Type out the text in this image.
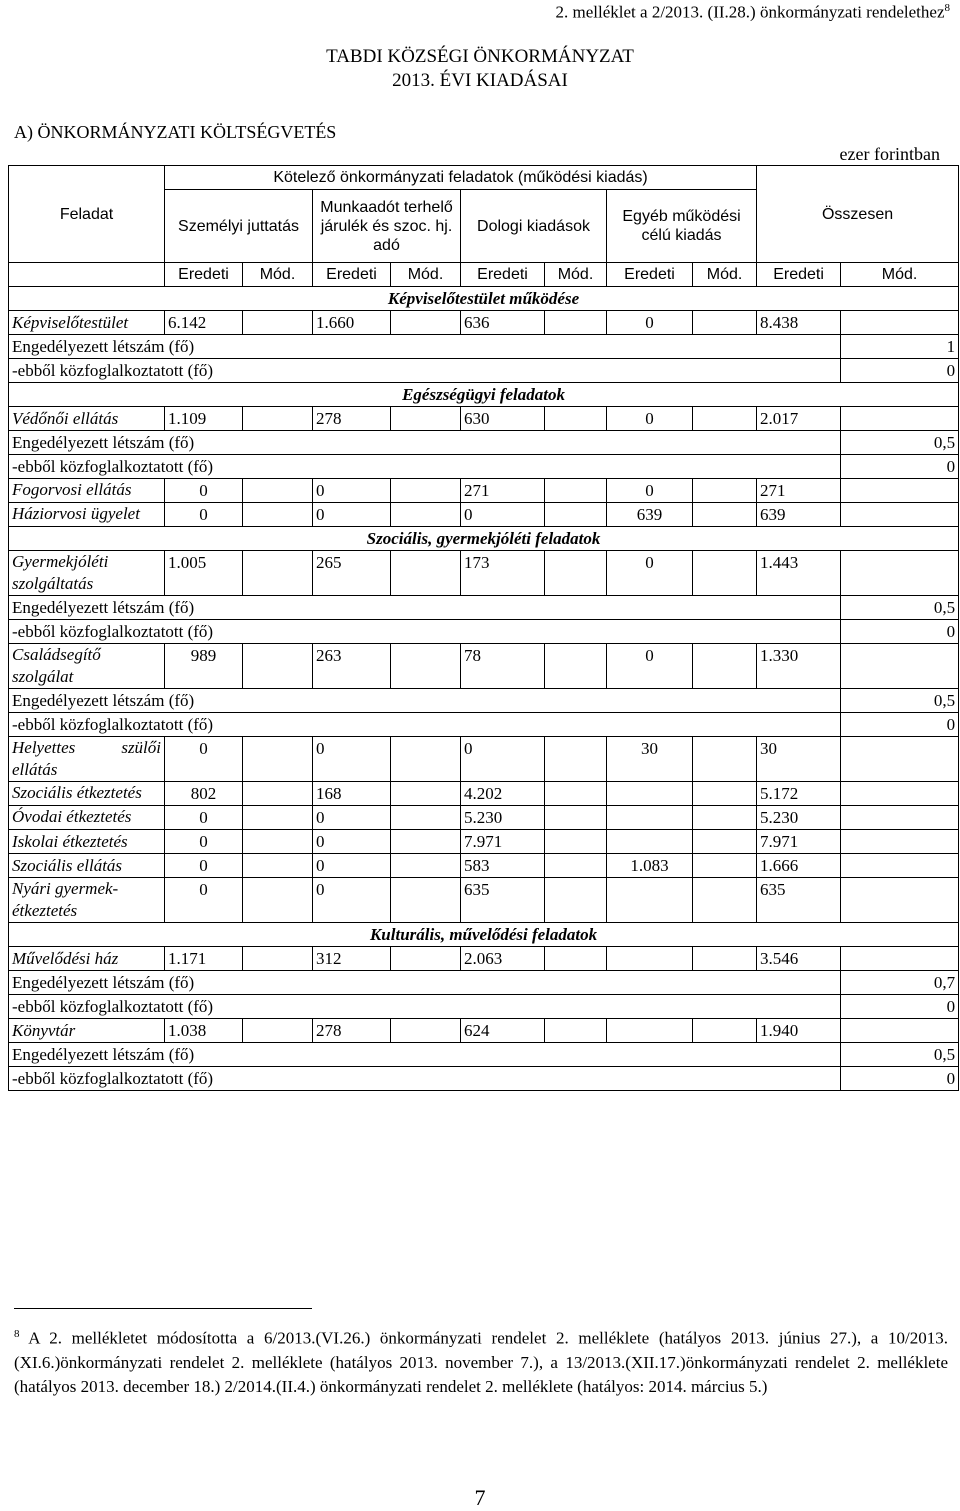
2. melléklet a 2/2013. (II.28.) önkormányzati rendelethez$^8$
TABDI KÖZSÉGI ÖNKORMÁNYZAT
2013. ÉVI KIADÁSAI
A) ÖNKORMÁNYZATI KÖLTSÉGVETÉS
ezer forintban
Feladat		Kötelező önkormányzati feladatok (működési kiadás)								Összesen	
	Személyi juttatás		Munkaadót terhelő járulék és szoc. hj. adó		Dologi kiadások		Egyéb működési célú kiadás			
		Eredeti	Mód.	Eredeti	Mód.	Eredeti	Mód.	Eredeti	Mód.	Eredeti	Mód.
Képviselőtestület működése										
Képviselőtestület		6.142		1.660		636		0		8.438	
Engedélyezett létszám (fő)										1
-ebből közfoglalkoztatott (fő)										0
Egészségügyi feladatok										
Védőnői ellátás		1.109		278		630		0		2.017	
Engedélyezett létszám (fő)										0,5
-ebből közfoglalkoztatott (fő)										0
Fogorvosi ellátás		0		0		271		0		271	
Háziorvosi ügyelet		0		0		0		639		639	
Szociális, gyermekjóléti feladatok										
Gyermekjóléti szolgáltatás		1.005		265		173		0		1.443	
Engedélyezett létszám (fő)										0,5
-ebből közfoglalkoztatott (fő)										0
Családsegítő szolgálat		989		263		78		0		1.330	
Engedélyezett létszám (fő)										0,5
-ebből közfoglalkoztatott (fő)										0
Helyettes szülői ellátás		0		0		0		30		30	
Szociális étkeztetés		802		168		4.202				5.172	
Óvodai étkeztetés		0		0		5.230				5.230	
Iskolai étkeztetés		0		0		7.971				7.971	
Szociális ellátás		0		0		583		1.083		1.666	
Nyári gyermek-étkeztetés		0		0		635				635	
Kulturális, művelődési feladatok										
Művelődési ház		1.171		312		2.063				3.546	
Engedélyezett létszám (fő)										0,7
-ebből közfoglalkoztatott (fő)										0
Könyvtár		1.038		278		624				1.940	
Engedélyezett létszám (fő)										0,5
-ebből közfoglalkoztatott (fő)										0
$^8$ A 2. mellékletet módosította a 6/2013.(VI.26.) önkormányzati rendelet 2. melléklete (hatályos 2013. június 27.), a 10/2013.(XI.6.)önkormányzati rendelet 2. melléklete (hatályos 2013. november 7.), a 13/2013.(XII.17.)önkormányzati rendelet 2. melléklete (hatályos 2013. december 18.) 2/2014.(II.4.) önkormányzati rendelet 2. melléklete (hatályos: 2014. március 5.)
7
